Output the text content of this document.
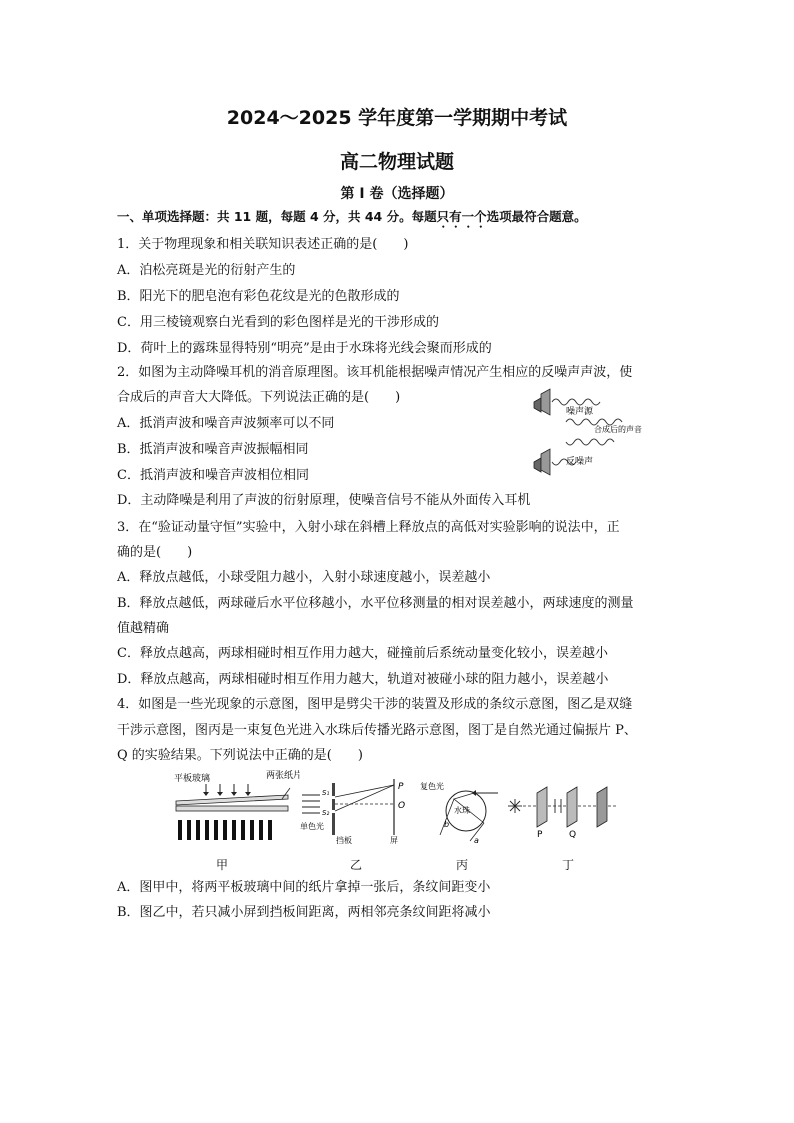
2024～2025 学年度第一学期期中考试
高二物理试题
第 I 卷（选择题）
一、单项选择题：共 11 题，每题 4 分，共 44 分。每题只有一个选项最符合题意。
1．关于物理现象和相关联知识表述正确的是(　　)
A．泊松亮斑是光的衍射产生的
B．阳光下的肥皂泡有彩色花纹是光的色散形成的
C．用三棱镜观察白光看到的彩色图样是光的干涉形成的
D．荷叶上的露珠显得特别“明亮”是由于水珠将光线会聚而形成的
2．如图为主动降噪耳机的消音原理图。该耳机能根据噪声情况产生相应的反噪声声波，使
合成后的声音大大降低。下列说法正确的是(　　)
A．抵消声波和噪音声波频率可以不同
B．抵消声波和噪音声波振幅相同
C．抵消声波和噪音声波相位相同
D．主动降噪是利用了声波的衍射原理，使噪音信号不能从外面传入耳机
噪声源
合成后的声音
反噪声
3．在“验证动量守恒”实验中，入射小球在斜槽上释放点的高低对实验影响的说法中，正
确的是(　　)
A．释放点越低，小球受阻力越小，入射小球速度越小，误差越小
B．释放点越低，两球碰后水平位移越小，水平位移测量的相对误差越小，两球速度的测量
值越精确
C．释放点越高，两球相碰时相互作用力越大，碰撞前后系统动量变化较小，误差越小
D．释放点越高，两球相碰时相互作用力越大，轨道对被碰小球的阻力越小，误差越小
4．如图是一些光现象的示意图，图甲是劈尖干涉的装置及形成的条纹示意图，图乙是双缝
干涉示意图，图丙是一束复色光进入水珠后传播光路示意图，图丁是自然光通过偏振片 P、
Q 的实验结果。下列说法中正确的是(　　)
平板玻璃	两张纸片
S₁
S₂
P
O
单色光
挡板	屏
复色光
水珠
b
a
P	Q
甲	乙	丙	丁
A．图甲中，将两平板玻璃中间的纸片拿掉一张后，条纹间距变小
B．图乙中，若只减小屏到挡板间距离，两相邻亮条纹间距将减小
